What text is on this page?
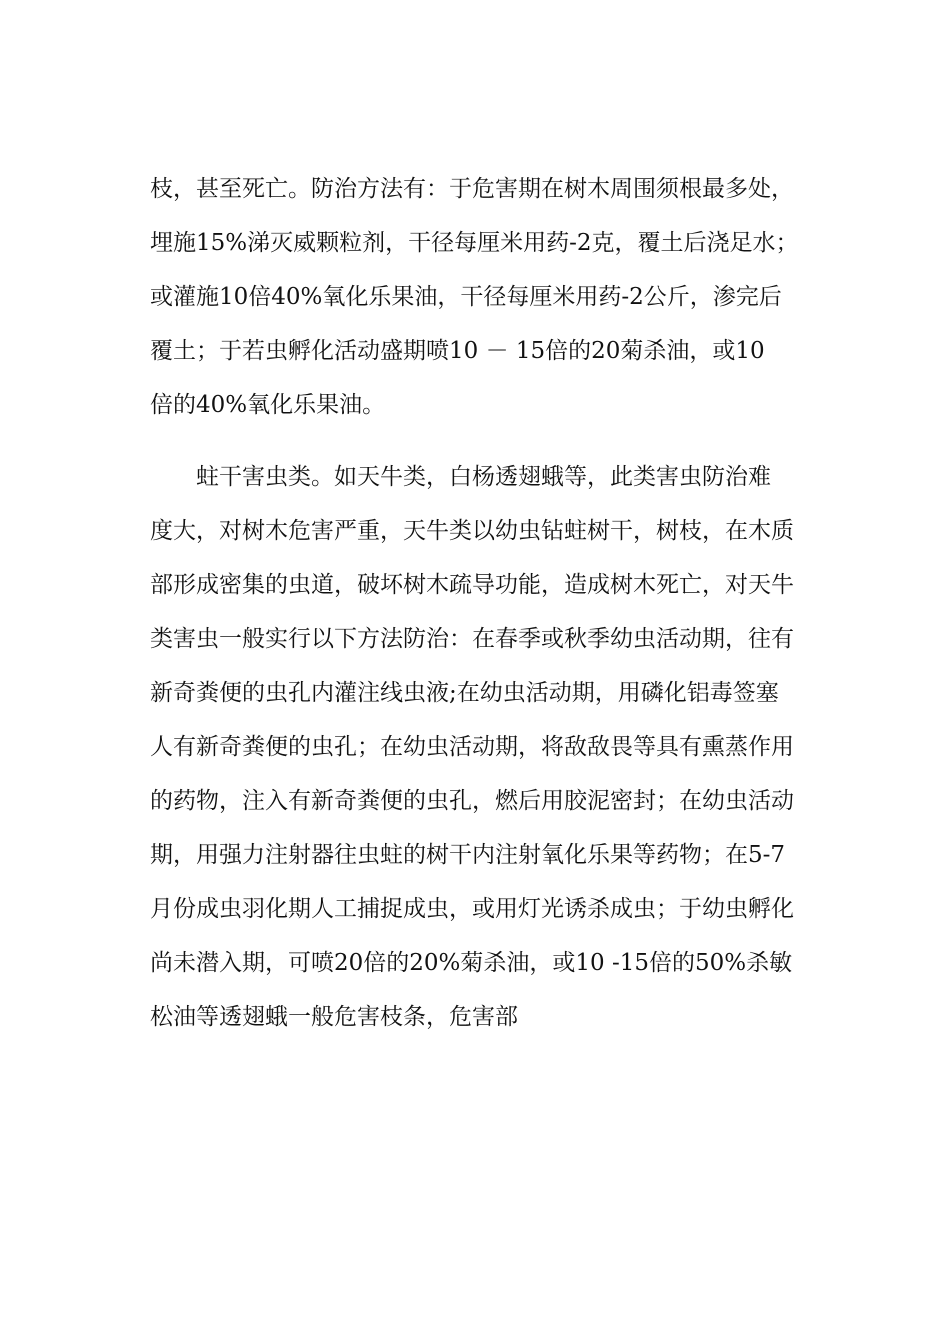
枝，甚至死亡。防治方法有：于危害期在树木周围须根最多处，
埋施15%涕灭威颗粒剂，干径每厘米用药-2克，覆土后浇足水；
或灌施10倍40%氧化乐果油，干径每厘米用药-2公斤，渗完后
覆土；于若虫孵化活动盛期喷10 － 15倍的20菊杀油，或10
倍的40%氧化乐果油。
蛀干害虫类。如天牛类，白杨透翅蛾等，此类害虫防治难
度大，对树木危害严重，天牛类以幼虫钻蛀树干，树枝，在木质
部形成密集的虫道，破坏树木疏导功能，造成树木死亡，对天牛
类害虫一般实行以下方法防治：在春季或秋季幼虫活动期，往有
新奇粪便的虫孔内灌注线虫液;在幼虫活动期，用磷化铝毒签塞
人有新奇粪便的虫孔；在幼虫活动期，将敌敌畏等具有熏蒸作用
的药物，注入有新奇粪便的虫孔，燃后用胶泥密封；在幼虫活动
期，用强力注射器往虫蛀的树干内注射氧化乐果等药物；在5-7
月份成虫羽化期人工捕捉成虫，或用灯光诱杀成虫；于幼虫孵化
尚未潜入期，可喷20倍的20%菊杀油，或10 -15倍的50%杀敏
松油等透翅蛾一般危害枝条，危害部
